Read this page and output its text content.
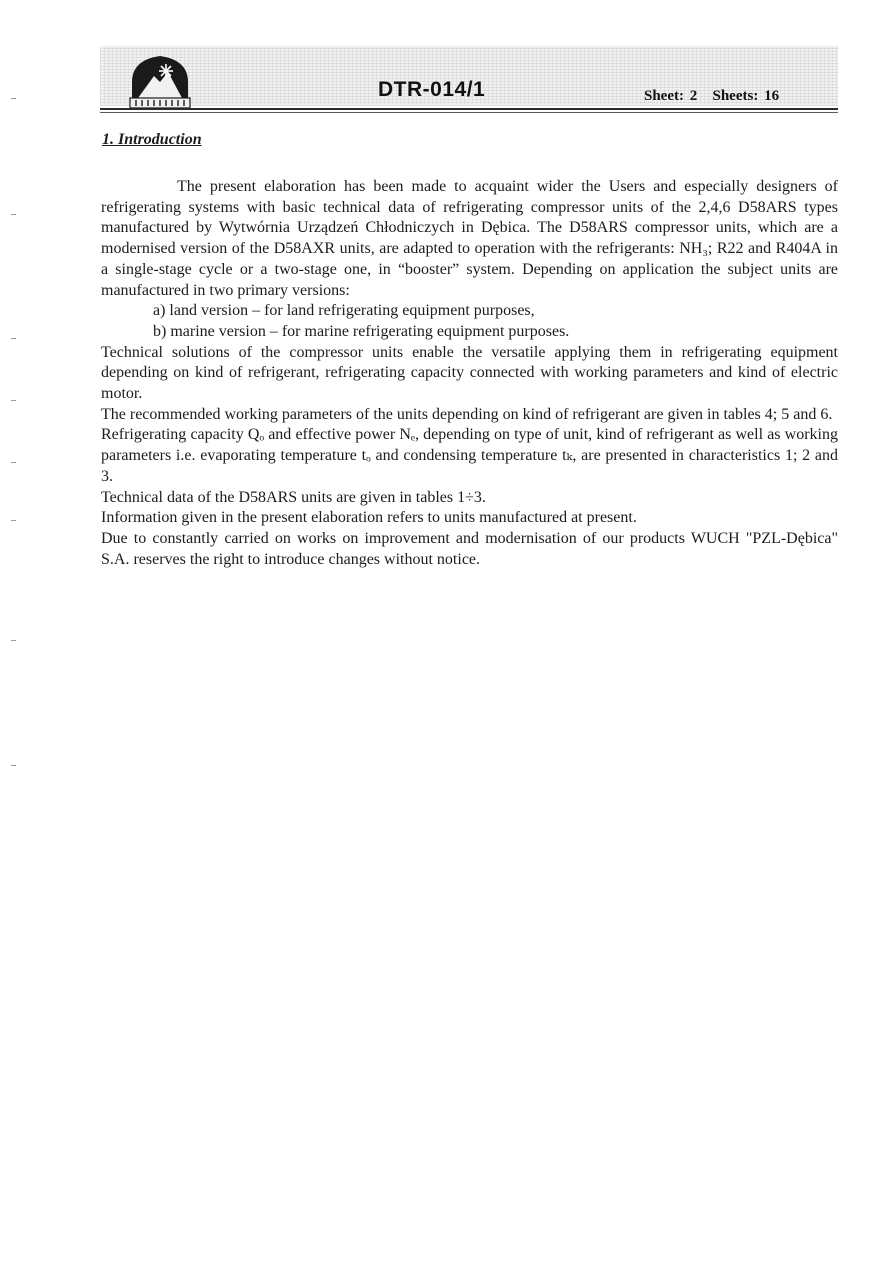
DTR-014/1	Sheet: 2 Sheets: 16
1. Introduction

The present elaboration has been made to acquaint wider the Users and especially designers of refrigerating systems with basic technical data of refrigerating compressor units of the 2,4,6 D58ARS types manufactured by Wytwórnia Urządzeń Chłodniczych in Dębica. The D58ARS compressor units, which are a modernised version of the D58AXR units, are adapted to operation with the refrigerants: NH₃; R22 and R404A in a single-stage cycle or a two-stage one, in “booster” system. Depending on application the subject units are manufactured in two primary versions:

a) land version – for land refrigerating equipment purposes,

b) marine version – for marine refrigerating equipment purposes.

Technical solutions of the compressor units enable the versatile applying them in refrigerating equipment depending on kind of refrigerant, refrigerating capacity connected with working parameters and kind of electric motor.

The recommended working parameters of the units depending on kind of refrigerant are given in tables 4; 5 and 6.

Refrigerating capacity Qₒ and effective power Nₑ, depending on type of unit, kind of refrigerant as well as working parameters i.e. evaporating temperature tₒ and condensing temperature tₖ, are presented in characteristics 1; 2 and 3.

Technical data of the D58ARS units are given in tables 1÷3.

Information given in the present elaboration refers to units manufactured at present.

Due to constantly carried on works on improvement and modernisation of our products WUCH "PZL-Dębica" S.A. reserves the right to introduce changes without notice.
